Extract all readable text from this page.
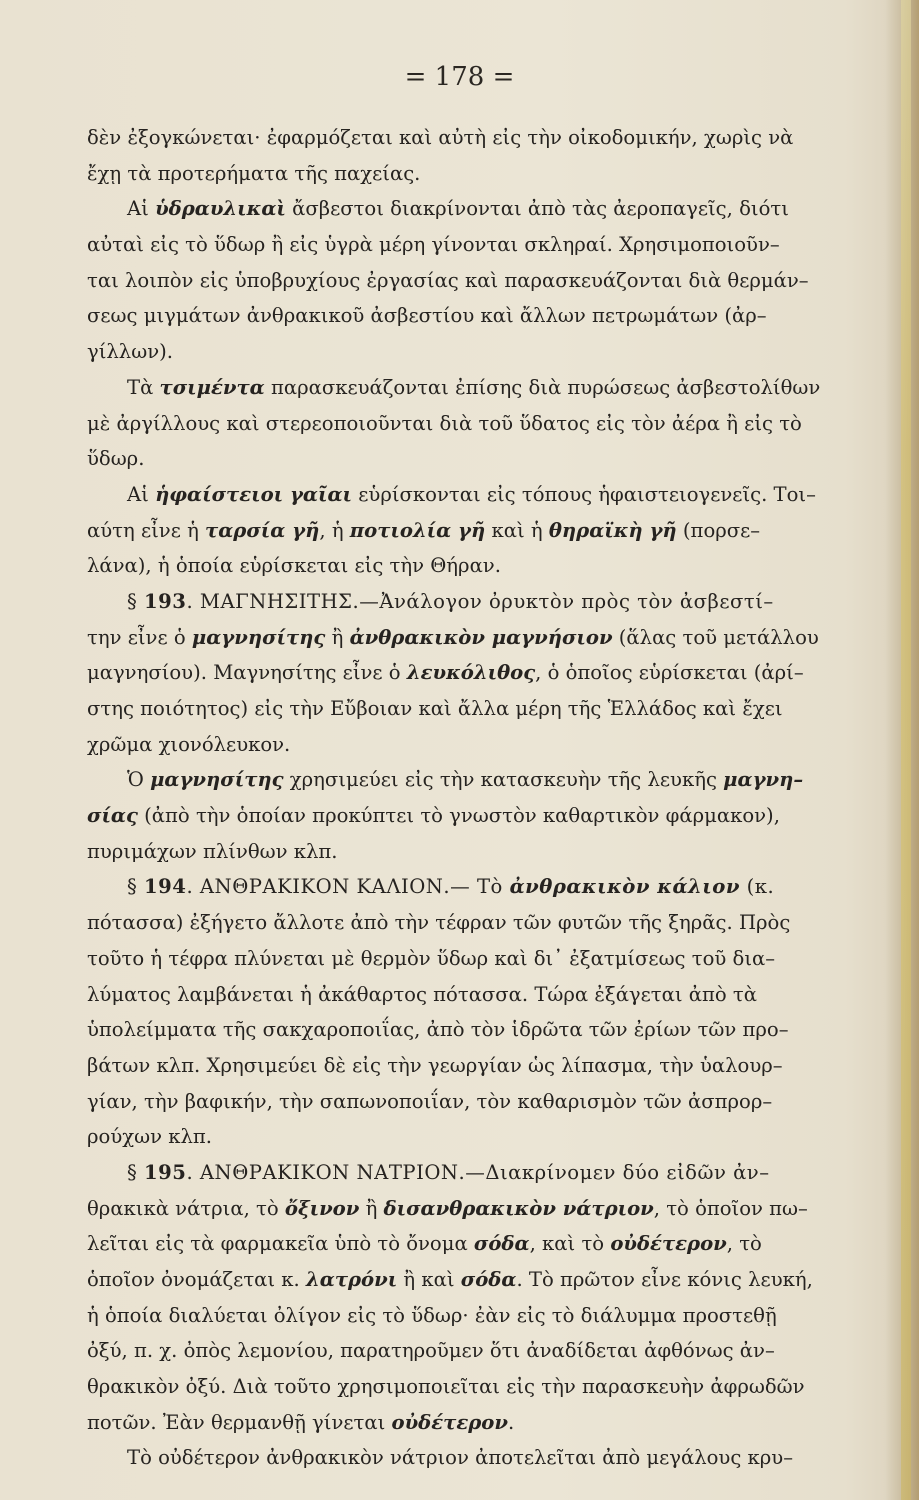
= 178 =
δὲν ἐξογκώνεται· ἐφαρμόζεται καὶ αὐτὴ εἰς τὴν οἰκοδομικήν, χωρὶς νὰ
ἔχῃ τὰ προτερήματα τῆς παχείας.
Αἱ ὑδραυλικαὶ ἄσβεστοι διακρίνονται ἀπὸ τὰς ἀεροπαγεῖς, διότι
αὐταὶ εἰς τὸ ὕδωρ ἢ εἰς ὑγρὰ μέρη γίνονται σκληραί. Χρησιμοποιοῦν–
ται λοιπὸν εἰς ὑποβρυχίους ἐργασίας καὶ παρασκευάζονται διὰ θερμάν–
σεως μιγμάτων ἀνθρακικοῦ ἀσβεστίου καὶ ἄλλων πετρωμάτων (ἀρ–
γίλλων).
Τὰ τσιμέντα παρασκευάζονται ἐπίσης διὰ πυρώσεως ἀσβεστολίθων
μὲ ἀργίλλους καὶ στερεοποιοῦνται διὰ τοῦ ὕδατος εἰς τὸν ἀέρα ἢ εἰς τὸ
ὕδωρ.
Αἱ ἡφαίστειοι γαῖαι εὑρίσκονται εἰς τόπους ἡφαιστειογενεῖς. Τοι–
αύτη εἶνε ἡ ταρσία γῆ, ἡ ποτιολία γῆ καὶ ἡ θηραϊκὴ γῆ (πορσε–
λάνα), ἡ ὁποία εὑρίσκεται εἰς τὴν Θήραν.
§ 193. ΜΑΓΝΗΣΙΤΗΣ.—Ἀνάλογον ὀρυκτὸν πρὸς τὸν ἀσβεστί–
την εἶνε ὁ μαγνησίτης ἢ ἀνθρακικὸν μαγνήσιον (ἅλας τοῦ μετάλλου
μαγνησίου). Μαγνησίτης εἶνε ὁ λευκόλιθος, ὁ ὁποῖος εὑρίσκεται (ἀρί–
στης ποιότητος) εἰς τὴν Εὔβοιαν καὶ ἄλλα μέρη τῆς Ἑλλάδος καὶ ἔχει
χρῶμα χιονόλευκον.
Ὁ μαγνησίτης χρησιμεύει εἰς τὴν κατασκευὴν τῆς λευκῆς μαγνη–
σίας (ἀπὸ τὴν ὁποίαν προκύπτει τὸ γνωστὸν καθαρτικὸν φάρμακον),
πυριμάχων πλίνθων κλπ.
§ 194. ΑΝΘΡΑΚΙΚΟΝ ΚΑΛΙΟΝ.— Τὸ ἀνθρακικὸν κάλιον (κ.
πότασσα) ἐξήγετο ἄλλοτε ἀπὸ τὴν τέφραν τῶν φυτῶν τῆς ξηρᾶς. Πρὸς
τοῦτο ἡ τέφρα πλύνεται μὲ θερμὸν ὕδωρ καὶ δι᾽ ἐξατμίσεως τοῦ δια–
λύματος λαμβάνεται ἡ ἀκάθαρτος πότασσα. Τώρα ἐξάγεται ἀπὸ τὰ
ὑπολείμματα τῆς σακχαροποιΐας, ἀπὸ τὸν ἱδρῶτα τῶν ἐρίων τῶν προ–
βάτων κλπ. Χρησιμεύει δὲ εἰς τὴν γεωργίαν ὡς λίπασμα, τὴν ὑαλουρ–
γίαν, τὴν βαφικήν, τὴν σαπωνοποιΐαν, τὸν καθαρισμὸν τῶν ἀσπρορ–
ρούχων κλπ.
§ 195. ΑΝΘΡΑΚΙΚΟΝ ΝΑΤΡΙΟΝ.—Διακρίνομεν δύο εἰδῶν ἀν–
θρακικὰ νάτρια, τὸ ὄξινον ἢ δισανθρακικὸν νάτριον, τὸ ὁποῖον πω–
λεῖται εἰς τὰ φαρμακεῖα ὑπὸ τὸ ὄνομα σόδα, καὶ τὸ οὐδέτερον, τὸ
ὁποῖον ὀνομάζεται κ. λατρόνι ἢ καὶ σόδα. Τὸ πρῶτον εἶνε κόνις λευκή,
ἡ ὁποία διαλύεται ὀλίγον εἰς τὸ ὕδωρ· ἐὰν εἰς τὸ διάλυμμα προστεθῇ
ὀξύ, π. χ. ὀπὸς λεμονίου, παρατηροῦμεν ὅτι ἀναδίδεται ἀφθόνως ἀν–
θρακικὸν ὀξύ. Διὰ τοῦτο χρησιμοποιεῖται εἰς τὴν παρασκευὴν ἀφρωδῶν
ποτῶν. Ἐὰν θερμανθῇ γίνεται οὐδέτερον.
Τὸ οὐδέτερον ἀνθρακικὸν νάτριον ἀποτελεῖται ἀπὸ μεγάλους κρυ–
